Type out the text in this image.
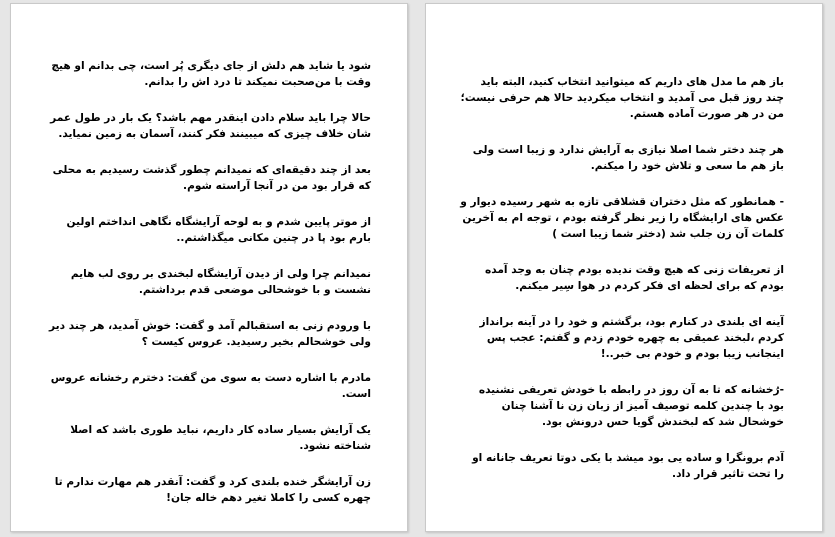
شود یا شاید هم دلش از جای دیگری پُر است، چی بدانم او هیچ وقت با من‌صحبت نمیکند تا درد اش را بدانم.

حالا چرا باید سلام دادن اینقدر مهم باشد؟ یک بار در طول عمر شان خلاف چیزی که میبینند فکر کنند، آسمان به زمین نمیاید.

بعد از چند دقیقه‌ای که نمیدانم چطور گذشت رسیدیم به محلی که قرار بود من در آنجا آراسته شوم.

از موتر پایین شدم و به لوحه آرایشگاه نگاهی انداختم اولین بارم بود پا در چنین مکانی میگذاشتم..

نمیدانم چرا ولی از دیدن آرایشگاه لبخندی بر روی لب هایم نشست و با خوشحالی موضعی قدم برداشتم.

با ورودم زنی به استقبالم آمد و گفت: خوش آمدید، هر چند دیر ولی خوشحالم بخیر رسیدید. عروس کیست ؟

مادرم با اشاره دست به سوی من گفت: دخترم رخشانه عروس است.

یک آرایش بسیار ساده کار داریم، نباید طوری باشد که اصلا شناخته نشود.

زن آرایشگر خنده بلندی کرد و گفت: آنقدر هم مهارت ندارم تا چهره کسی را کاملا تغیر دهم خاله جان!

باز هم ما مدل های داریم که میتوانید انتخاب کنید، البته باید چند روز قبل می آمدید و انتخاب میکردید حالا هم حرفی نیست؛ من در هر صورت آماده هستم.

هر چند دختر شما اصلا نیازی به آرایش ندارد و زیبا است ولی باز هم ما سعی و تلاش خود را میکنم.

- همانطور که مثل دختران قشلاقی تازه به شهر رسیده دیوار و عکس های ارایشگاه را زیر نظر گرفته بودم ، توجه ام به آخرین کلمات آن زن جلب شد (دختر شما زیبا است )

از تعریفات زنی که هیچ وقت ندیده بودم چنان به وجد آمده بودم که برای لحظه ای فکر کردم در هوا سِیر میکنم.

آینه ای بلندی در کنارم بود، برگشتم و خود را در آینه برانداز کردم ،لبخند عمیقی به چهره خودم زدم و گفتم: عجب پس اینجانب زیبا بودم و خودم بی خبر..!

-رُخشانه که تا به آن روز در رابطه با خودش تعریفی نشنیده بود با چندین کلمه توصیف آمیز از زبان زن نا آشنا چنان خوشحال شد که لبخندش گویا حس درونش بود.

آدم برونگرا و ساده یی بود میشد با یکی دوتا تعریف جانانه او را تحت تاثیر قرار داد.
